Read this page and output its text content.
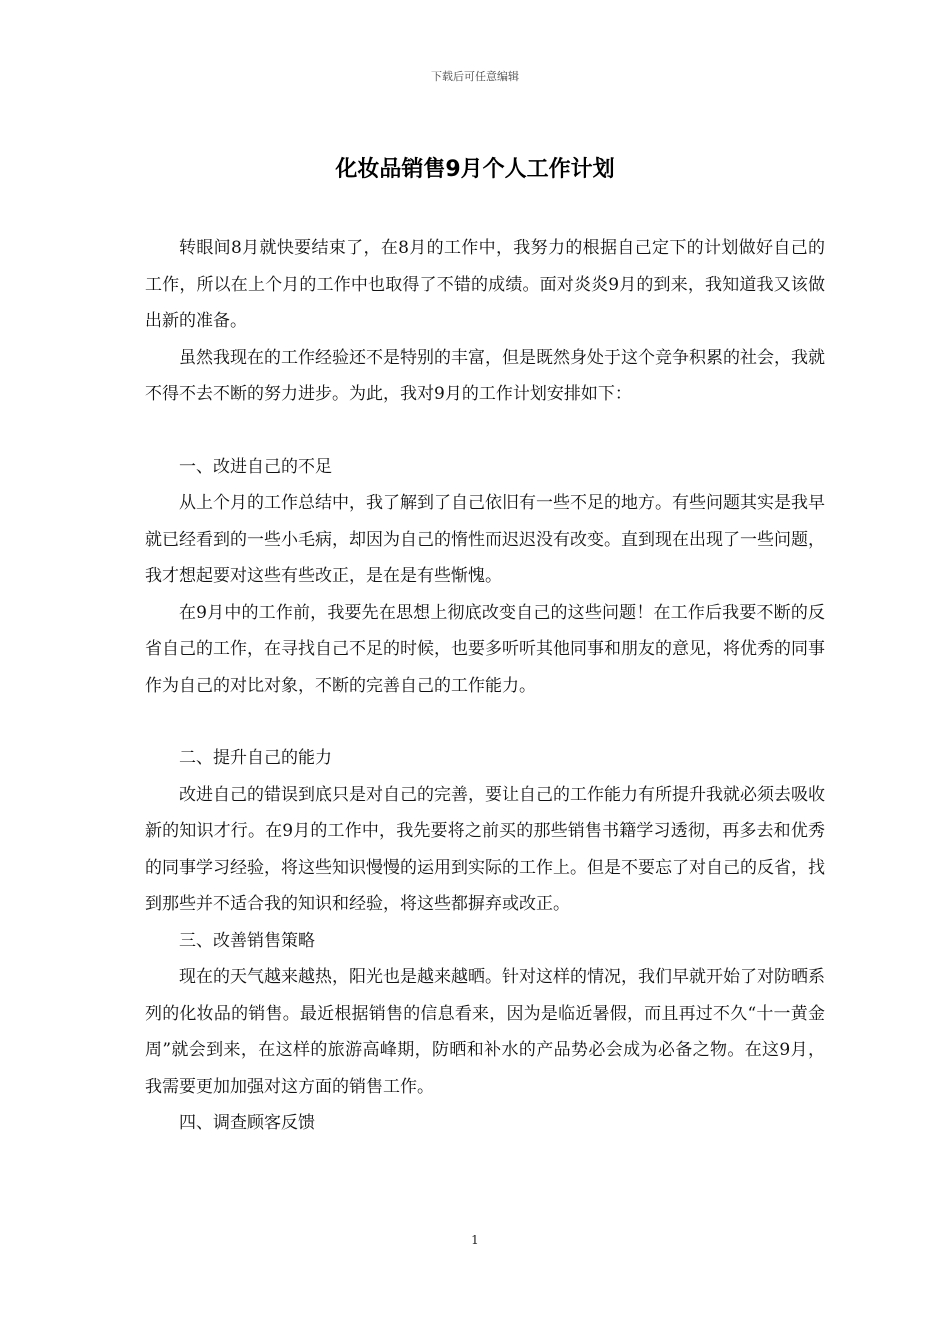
下载后可任意编辑
化妆品销售9月个人工作计划

转眼间8月就快要结束了，在8月的工作中，我努力的根据自己定下的计划做好自己的工作，所以在上个月的工作中也取得了不错的成绩。面对炎炎9月的到来，我知道我又该做出新的准备。

虽然我现在的工作经验还不是特别的丰富，但是既然身处于这个竞争积累的社会，我就不得不去不断的努力进步。为此，我对9月的工作计划安排如下：

一、改进自己的不足

从上个月的工作总结中，我了解到了自己依旧有一些不足的地方。有些问题其实是我早就已经看到的一些小毛病，却因为自己的惰性而迟迟没有改变。直到现在出现了一些问题，我才想起要对这些有些改正，是在是有些惭愧。

在9月中的工作前，我要先在思想上彻底改变自己的这些问题！在工作后我要不断的反省自己的工作，在寻找自己不足的时候，也要多听听其他同事和朋友的意见，将优秀的同事作为自己的对比对象，不断的完善自己的工作能力。

二、提升自己的能力

改进自己的错误到底只是对自己的完善，要让自己的工作能力有所提升我就必须去吸收新的知识才行。在9月的工作中，我先要将之前买的那些销售书籍学习透彻，再多去和优秀的同事学习经验，将这些知识慢慢的运用到实际的工作上。但是不要忘了对自己的反省，找到那些并不适合我的知识和经验，将这些都摒弃或改正。

三、改善销售策略

现在的天气越来越热，阳光也是越来越晒。针对这样的情况，我们早就开始了对防晒系列的化妆品的销售。最近根据销售的信息看来，因为是临近暑假，而且再过不久“十一黄金周”就会到来，在这样的旅游高峰期，防晒和补水的产品势必会成为必备之物。在这9月，我需要更加加强对这方面的销售工作。

四、调查顾客反馈

1
